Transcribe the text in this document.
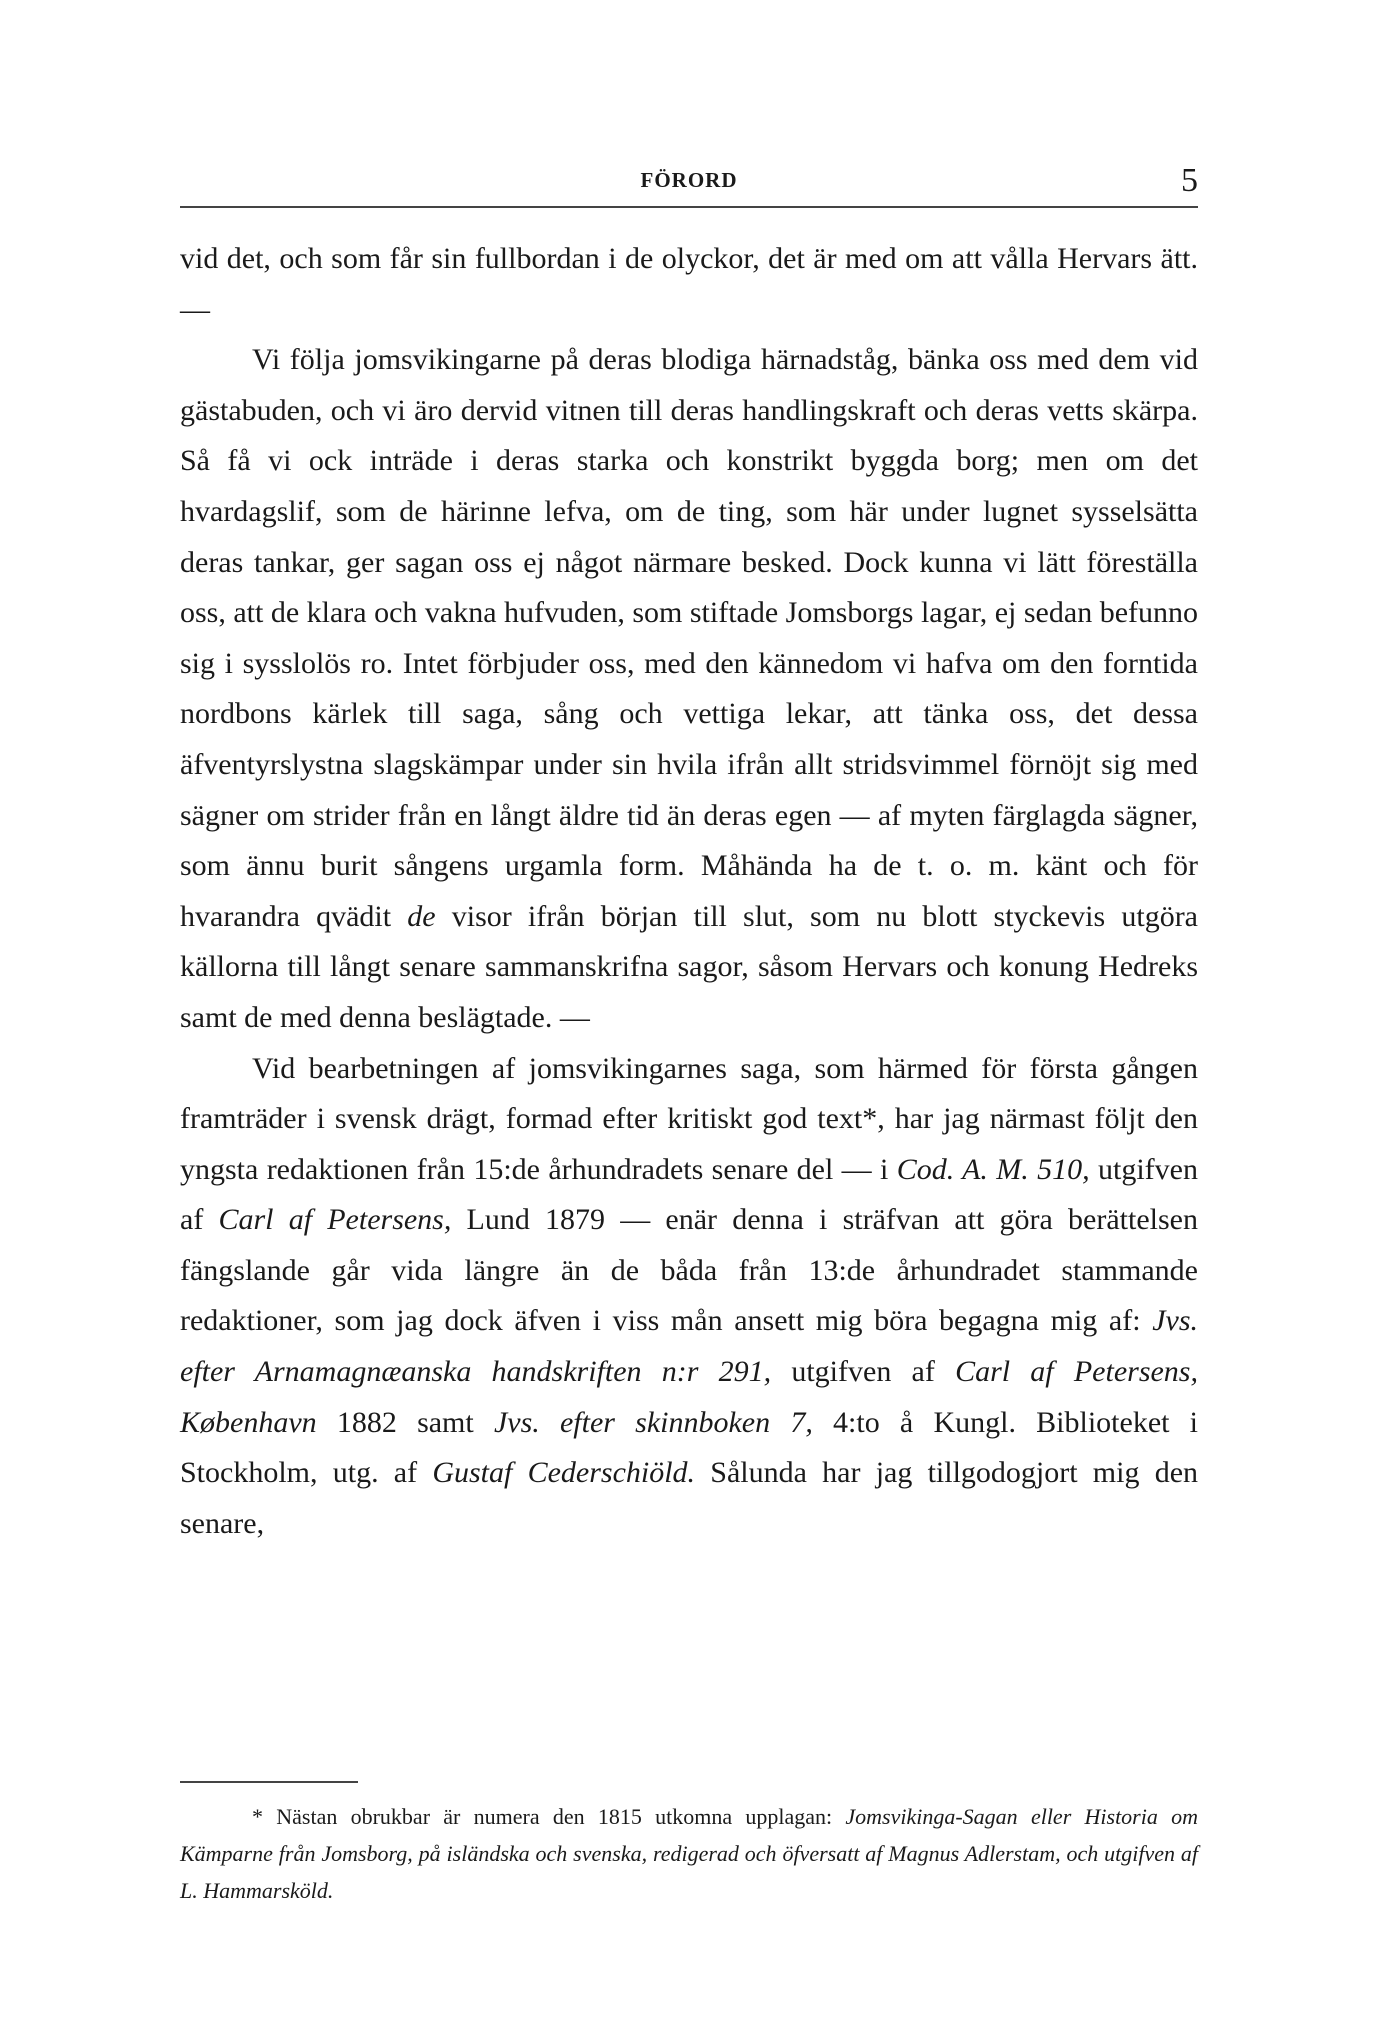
FÖRORD	5

vid det, och som får sin fullbordan i de olyckor, det är med om att vålla Hervars ätt. —

Vi följa jomsvikingarne på deras blodiga härnadståg, bänka oss med dem vid gästabuden, och vi äro dervid vitnen till deras handlingskraft och deras vetts skärpa. Så få vi ock inträde i deras starka och konstrikt byggda borg; men om det hvardagslif, som de härinne lefva, om de ting, som här under lugnet sysselsätta deras tankar, ger sagan oss ej något närmare besked. Dock kunna vi lätt föreställa oss, att de klara och vakna hufvuden, som stiftade Jomsborgs lagar, ej sedan befunno sig i sysslolös ro. Intet förbjuder oss, med den kännedom vi hafva om den forntida nordbons kärlek till saga, sång och vettiga lekar, att tänka oss, det dessa äfventyrslystna slagskämpar under sin hvila ifrån allt stridsvimmel förnöjt sig med sägner om strider från en långt äldre tid än deras egen — af myten färglagda sägner, som ännu burit sångens urgamla form. Måhända ha de t. o. m. känt och för hvarandra qvädit de visor ifrån början till slut, som nu blott styckevis utgöra källorna till långt senare sammanskrifna sagor, såsom Hervars och konung Hedreks samt de med denna beslägtade. —

Vid bearbetningen af jomsvikingarnes saga, som härmed för första gången framträder i svensk drägt, formad efter kritiskt god text*, har jag närmast följt den yngsta redaktionen från 15:de århundradets senare del — i Cod. A. M. 510, utgifven af Carl af Petersens, Lund 1879 — enär denna i sträfvan att göra berättelsen fängslande går vida längre än de båda från 13:de århundradet stammande redaktioner, som jag dock äfven i viss mån ansett mig böra begagna mig af: Jvs. efter Arnamagnæanska handskriften n:r 291, utgifven af Carl af Petersens, København 1882 samt Jvs. efter skinnboken 7, 4:to å Kungl. Biblioteket i Stockholm, utg. af Gustaf Cederschiöld. Sålunda har jag tillgodogjort mig den senare,

* Nästan obrukbar är numera den 1815 utkomna upplagan: Jomsvikinga-Sagan eller Historia om Kämparne från Jomsborg, på isländska och svenska, redigerad och öfversatt af Magnus Adlerstam, och utgifven af L. Hammarsköld.
